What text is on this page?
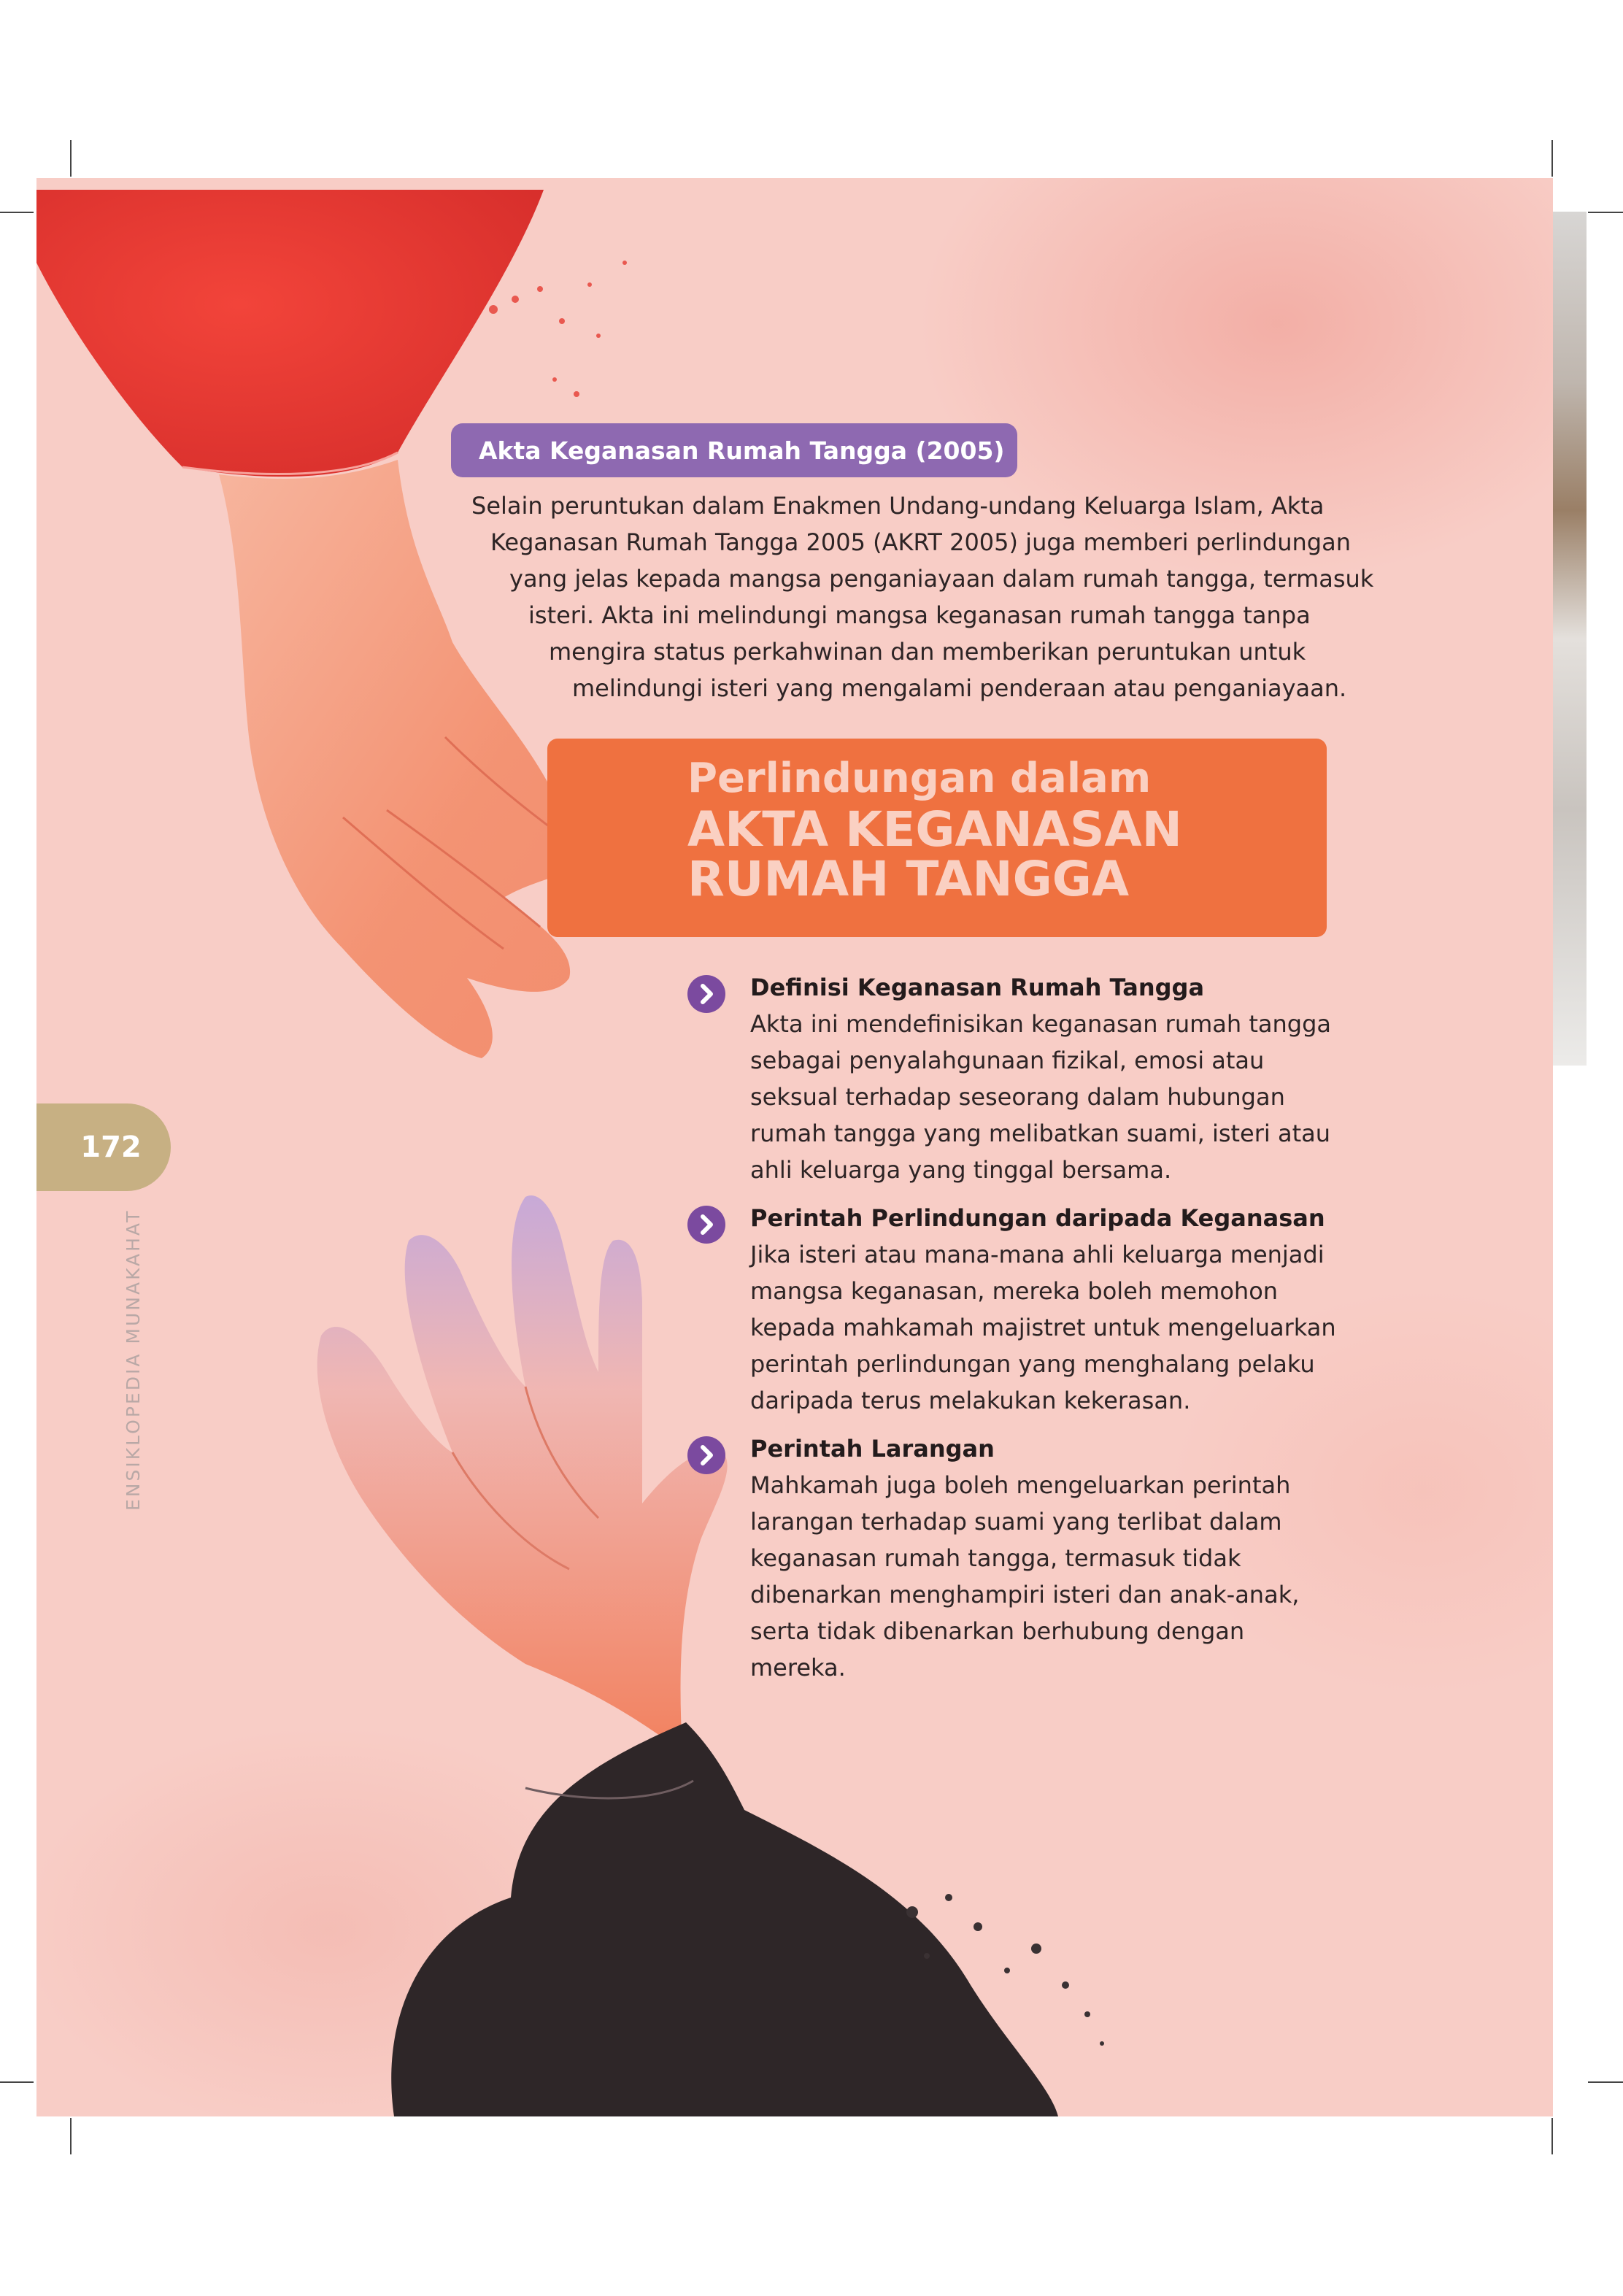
Akta Keganasan Rumah Tangga (2005)
Selain peruntukan dalam Enakmen Undang-undang Keluarga Islam, Akta
Keganasan Rumah Tangga 2005 (AKRT 2005) juga memberi perlindungan
yang jelas kepada mangsa penganiayaan dalam rumah tangga, termasuk
isteri. Akta ini melindungi mangsa keganasan rumah tangga tanpa
mengira status perkahwinan dan memberikan peruntukan untuk
melindungi isteri yang mengalami penderaan atau penganiayaan.
Perlindungan dalam
AKTA KEGANASAN
RUMAH TANGGA
Definisi Keganasan Rumah Tangga
Akta ini mendefinisikan keganasan rumah tangga
sebagai penyalahgunaan fizikal, emosi atau
seksual terhadap seseorang dalam hubungan
rumah tangga yang melibatkan suami, isteri atau
ahli keluarga yang tinggal bersama.
Perintah Perlindungan daripada Keganasan
Jika isteri atau mana-mana ahli keluarga menjadi
mangsa keganasan, mereka boleh memohon
kepada mahkamah majistret untuk mengeluarkan
perintah perlindungan yang menghalang pelaku
daripada terus melakukan kekerasan.
Perintah Larangan
Mahkamah juga boleh mengeluarkan perintah
larangan terhadap suami yang terlibat dalam
keganasan rumah tangga, termasuk tidak
dibenarkan menghampiri isteri dan anak-anak,
serta tidak dibenarkan berhubung dengan
mereka.
172
ENSIKLOPEDIA MUNAKAHAT
